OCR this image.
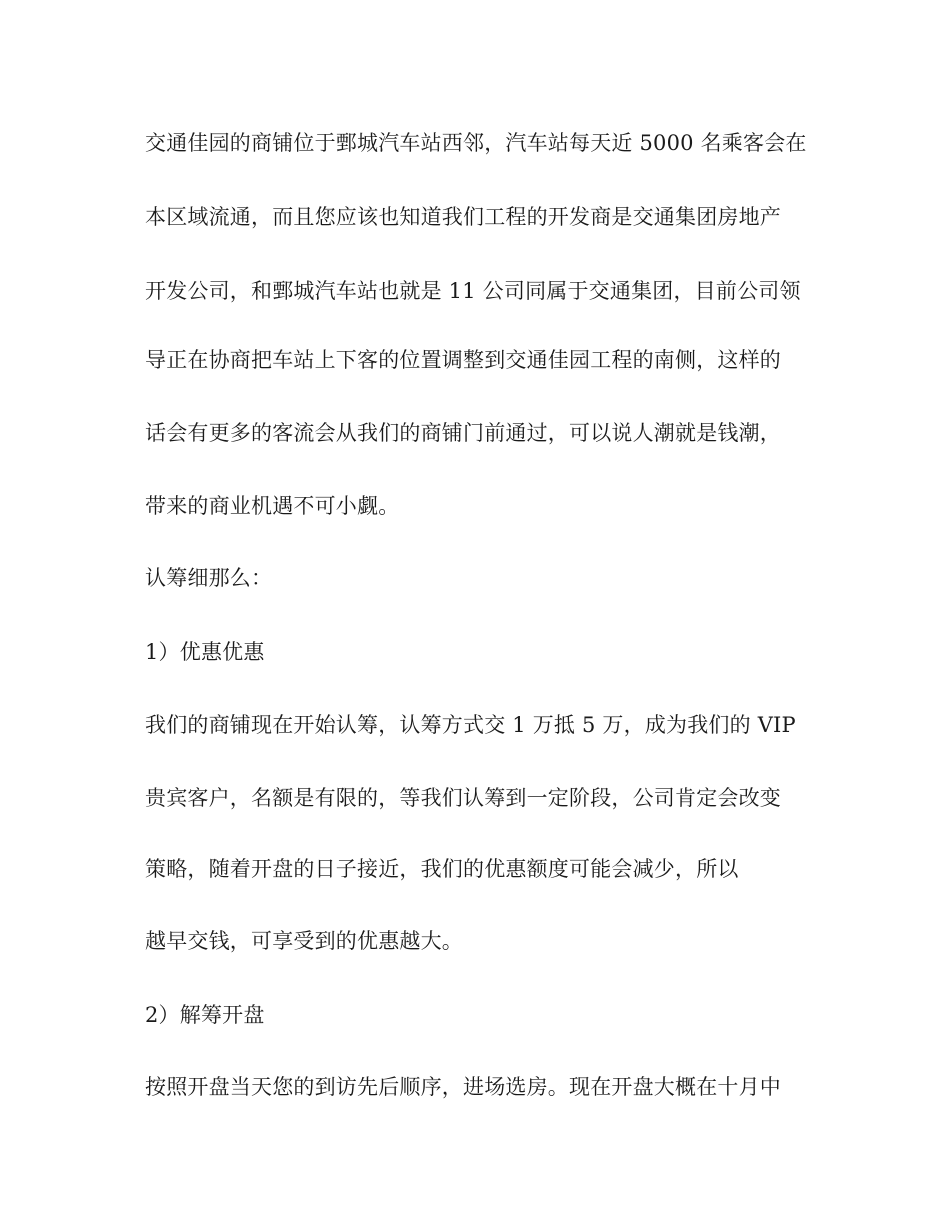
交通佳园的商铺位于鄄城汽车站西邻，汽车站每天近 5000 名乘客会在
本区域流通，而且您应该也知道我们工程的开发商是交通集团房地产
开发公司，和鄄城汽车站也就是 11 公司同属于交通集团，目前公司领
导正在协商把车站上下客的位置调整到交通佳园工程的南侧，这样的
话会有更多的客流会从我们的商铺门前通过，可以说人潮就是钱潮，
带来的商业机遇不可小觑。
认筹细那么：
1）优惠优惠
我们的商铺现在开始认筹，认筹方式交 1 万抵 5 万，成为我们的 VIP
贵宾客户，名额是有限的，等我们认筹到一定阶段，公司肯定会改变
策略，随着开盘的日子接近，我们的优惠额度可能会减少，所以
越早交钱，可享受到的优惠越大。
2）解筹开盘
按照开盘当天您的到访先后顺序，进场选房。现在开盘大概在十月中
